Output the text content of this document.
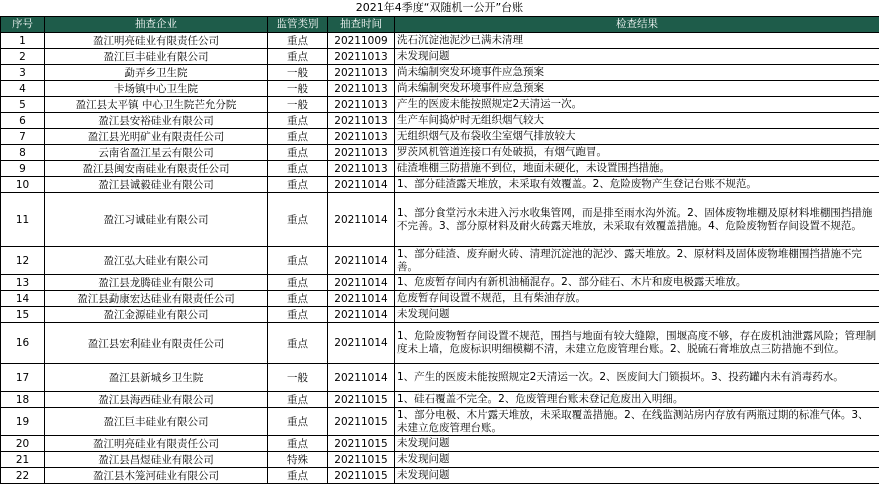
2021年4季度“双随机一公开”台账
序号	抽查企业	监管类别	抽查时间	检查结果
1	盈江明亮硅业有限责任公司	重点	20211009	洗石沉淀池泥沙已满未清理
2	盈江巨丰硅业有限公司	重点	20211013	未发现问题
3	勐弄乡卫生院	一般	20211013	尚未编制突发环境事件应急预案
4	卡场镇中心卫生院	一般	20211013	尚未编制突发环境事件应急预案
5	盈江县太平镇 中心卫生院芒允分院	一般	20211013	产生的医废未能按照规定2天清运一次。
6	盈江县安裕硅业有限公司	重点	20211013	生产车间捣炉时无组织烟气较大
7	盈江县光明矿业有限责任公司	重点	20211013	无组织烟气及布袋收尘室烟气排放较大
8	云南省盈江星云有限公司	重点	20211013	罗茨风机管道连接口有处破损，有烟气跑冒。
9	盈江县闽安南硅业有限责任公司	重点	20211013	硅渣堆棚三防措施不到位，地面未硬化，未设置围挡措施。
10	盈江县诚毅硅业有限公司	重点	20211014	1、部分硅渣露天堆放，未采取有效覆盖。2、危险废物产生登记台账不规范。
11	盈江习诚硅业有限公司	重点	20211014	1、部分食堂污水未进入污水收集管网，而是排至雨水沟外流。2、固体废物堆棚及原材料堆棚围挡措施不完善。3、部分原材料及耐火砖露天堆放，未采取有效覆盖措施。4、危险废物暂存间设置不规范。
12	盈江弘大硅业有限公司	重点	20211014	1、部分硅渣、废弃耐火砖、清理沉淀池的泥沙、露天堆放。2、原材料及固体废物堆棚围挡措施不完善。
13	盈江县龙腾硅业有限公司	重点	20211014	1、危废暂存间内有新机油桶混存。2、部分硅石、木片和废电极露天堆放。
14	盈江县勐康宏达硅业有限责任公司	重点	20211014	危废暂存间设置不规范，且有柴油存放。
15	盈江金源硅业有限公司	重点	20211014	未发现问题
16	盈江县宏利硅业有限责任公司	重点	20211014	1、危险废物暂存间设置不规范，围挡与地面有较大缝隙，围堰高度不够，存在废机油泄露风险；管理制度未上墙，危废标识明细模糊不清，未建立危废管理台账。2、脱硫石膏堆放点三防措施不到位。
17	盈江县新城乡卫生院	一般	20211014	1、产生的医废未能按照规定2天清运一次。2、医废间大门锁损坏。3、投药罐内未有消毒药水。
18	盈江县海西硅业有限公司	重点	20211015	1、硅石覆盖不完全。2、危废管理台账未登记危废出入明细。
19	盈江巨丰硅业有限公司	重点	20211015	1、部分电极、木片露天堆放，未采取覆盖措施。2、在线监测站房内存放有两瓶过期的标准气体。3、未建立危废管理台账。
20	盈江明亮硅业有限责任公司	重点	20211015	未发现问题
21	盈江县昌煜硅业有限公司	特殊	20211015	未发现问题
22	盈江县木笼河硅业有限公司	重点	20211015	未发现问题
